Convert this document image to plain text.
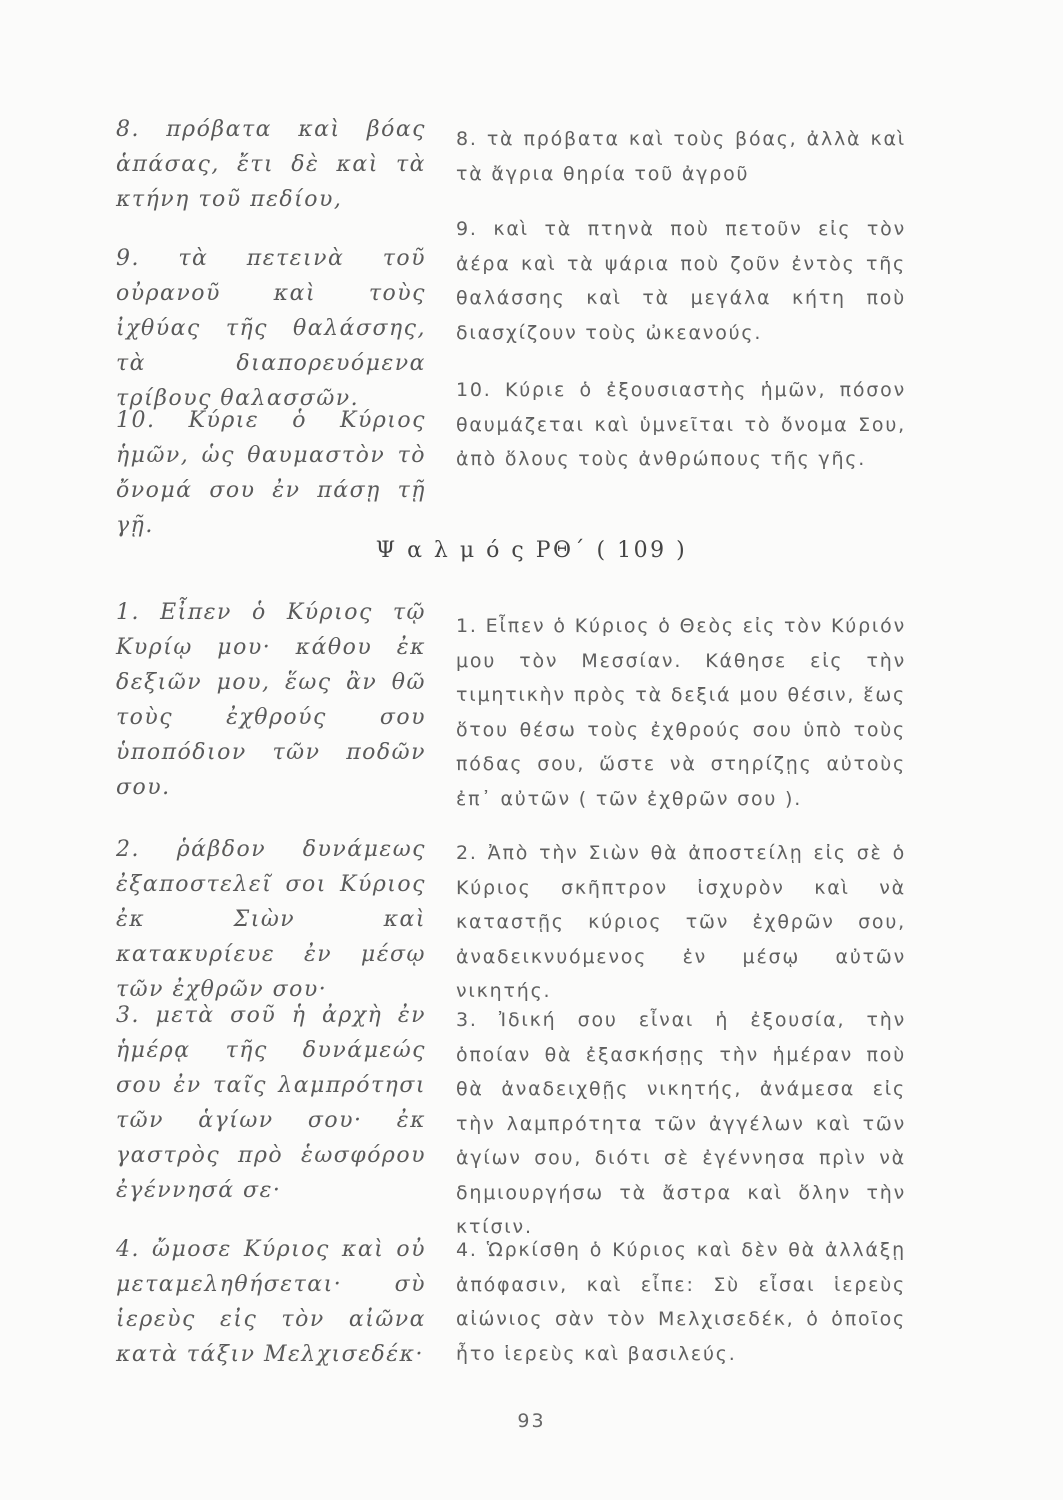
8. πρόβατα καὶ βόας ἁπάσας, ἔτι δὲ καὶ τὰ κτήνη τοῦ πεδίου,

9. τὰ πετεινὰ τοῦ οὐρανοῦ καὶ τοὺς ἰχθύας τῆς θαλάσσης, τὰ διαπορευόμενα τρίβους θαλασσῶν.

10. Κύριε ὁ Κύριος ἡμῶν, ὡς θαυμαστὸν τὸ ὄνομά σου ἐν πάσῃ τῇ γῇ.

8. τὰ πρόβατα καὶ τοὺς βόας, ἀλλὰ καὶ τὰ ἄγρια θηρία τοῦ ἀγροῦ

9. καὶ τὰ πτηνὰ ποὺ πετοῦν εἰς τὸν ἀέρα καὶ τὰ ψάρια ποὺ ζοῦν ἐντὸς τῆς θαλάσσης καὶ τὰ μεγάλα κήτη ποὺ διασχίζουν τοὺς ὠκεανούς.

10. Κύριε ὁ ἐξουσιαστὴς ἡμῶν, πόσον θαυμάζεται καὶ ὑμνεῖται τὸ ὄνομα Σου, ἀπὸ ὅλους τοὺς ἀνθρώπους τῆς γῆς.

Ψ α λ μ ό ς ΡΘ΄ ( 109 )

1. Εἶπεν ὁ Κύριος τῷ Κυρίῳ μου· κάθου ἐκ δεξιῶν μου, ἕως ἂν θῶ τοὺς ἐχθρούς σου ὑποπόδιον τῶν ποδῶν σου.

2. ῥάβδον δυνάμεως ἐξαποστελεῖ σοι Κύριος ἐκ Σιὼν καὶ κατακυρίευε ἐν μέσῳ τῶν ἐχθρῶν σου·

3. μετὰ σοῦ ἡ ἀρχὴ ἐν ἡμέρᾳ τῆς δυνάμεώς σου ἐν ταῖς λαμπρότησι τῶν ἁγίων σου· ἐκ γαστρὸς πρὸ ἑωσφόρου ἐγέννησά σε·

4. ὤμοσε Κύριος καὶ οὐ μεταμεληθήσεται· σὺ ἱερεὺς εἰς τὸν αἰῶνα κατὰ τάξιν Μελχισεδέκ·

1. Εἶπεν ὁ Κύριος ὁ Θεὸς εἰς τὸν Κύριόν μου τὸν Μεσσίαν. Κάθησε εἰς τὴν τιμητικὴν πρὸς τὰ δεξιά μου θέσιν, ἕως ὅτου θέσω τοὺς ἐχθρούς σου ὑπὸ τοὺς πόδας σου, ὥστε νὰ στηρίζῃς αὐτοὺς ἐπ᾽ αὐτῶν ( τῶν ἐχθρῶν σου ).

2. Ἀπὸ τὴν Σιὼν θὰ ἀποστείλῃ εἰς σὲ ὁ Κύριος σκῆπτρον ἰσχυρὸν καὶ νὰ καταστῇς κύριος τῶν ἐχθρῶν σου, ἀναδεικνυόμενος ἐν μέσῳ αὐτῶν νικητής.

3. Ἰδική σου εἶναι ἡ ἐξουσία, τὴν ὁποίαν θὰ ἐξασκήσῃς τὴν ἡμέραν ποὺ θὰ ἀναδειχθῇς νικητής, ἀνάμεσα εἰς τὴν λαμπρότητα τῶν ἀγγέλων καὶ τῶν ἁγίων σου, διότι σὲ ἐγέννησα πρὶν νὰ δημιουργήσω τὰ ἄστρα καὶ ὅλην τὴν κτίσιν.

4. Ὡρκίσθη ὁ Κύριος καὶ δὲν θὰ ἀλλάξῃ ἀπόφασιν, καὶ εἶπε: Σὺ εἶσαι ἱερεὺς αἰώνιος σὰν τὸν Μελχισεδέκ, ὁ ὁποῖος ἦτο ἱερεὺς καὶ βασιλεύς.

93
